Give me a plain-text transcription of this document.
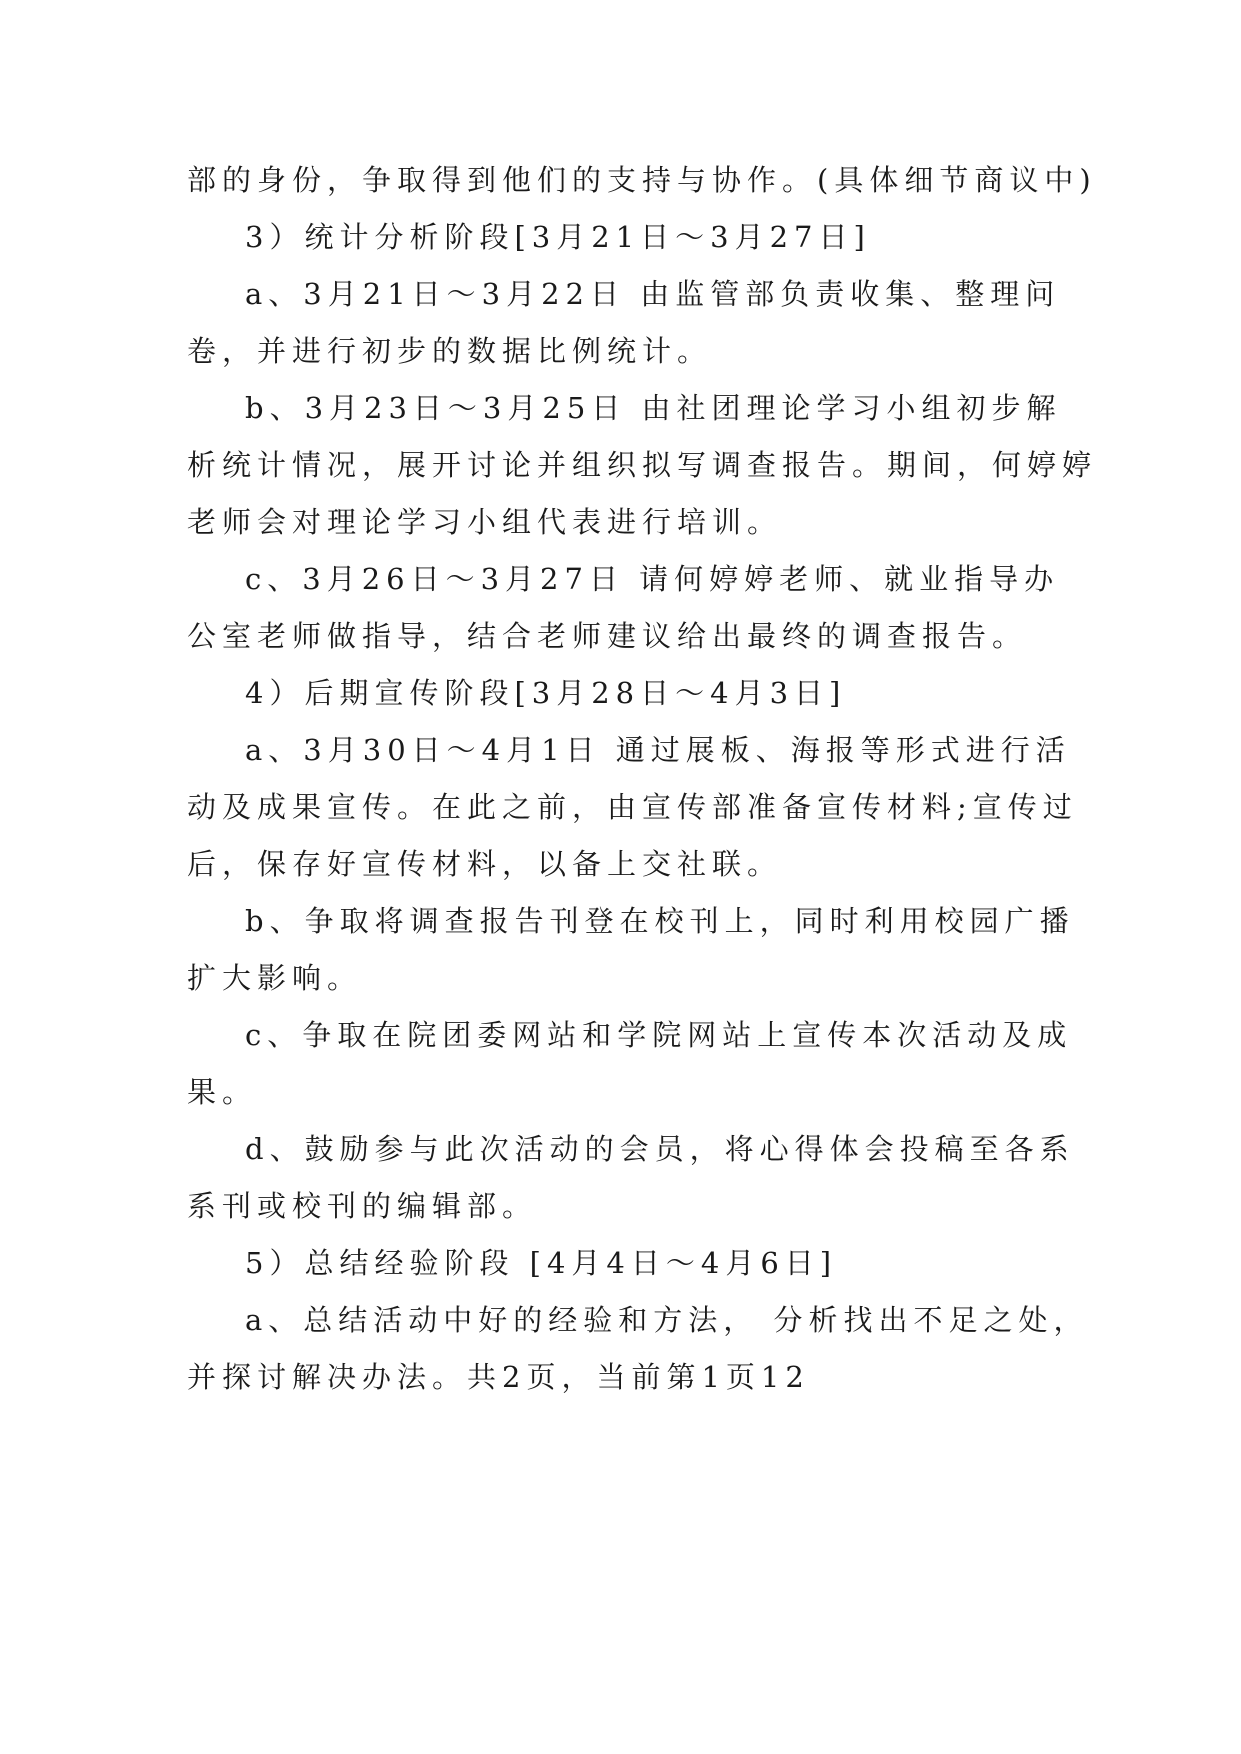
部的身份，争取得到他们的支持与协作。(具体细节商议中)
3）统计分析阶段[3月21日～3月27日]
a、3月21日～3月22日 由监管部负责收集、整理问
卷，并进行初步的数据比例统计。
b、3月23日～3月25日 由社团理论学习小组初步解
析统计情况，展开讨论并组织拟写调查报告。期间，何婷婷
老师会对理论学习小组代表进行培训。
c、3月26日～3月27日 请何婷婷老师、就业指导办
公室老师做指导，结合老师建议给出最终的调查报告。
4）后期宣传阶段[3月28日～4月3日]
a、3月30日～4月1日 通过展板、海报等形式进行活
动及成果宣传。在此之前，由宣传部准备宣传材料;宣传过
后，保存好宣传材料，以备上交社联。
b、争取将调查报告刊登在校刊上，同时利用校园广播
扩大影响。
c、争取在院团委网站和学院网站上宣传本次活动及成
果。
d、鼓励参与此次活动的会员，将心得体会投稿至各系
系刊或校刊的编辑部。
5）总结经验阶段 [4月4日～4月6日]
a、总结活动中好的经验和方法， 分析找出不足之处，
并探讨解决办法。共2页，当前第1页12
